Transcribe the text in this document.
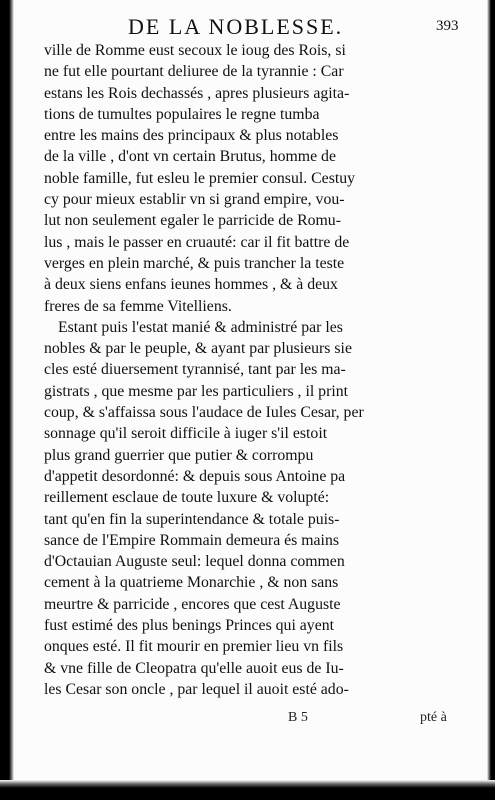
DE LA NOBLESSE.	393
ville de Romme eust secoux le ioug des Rois, si
ne fut elle pourtant deliuree de la tyrannie : Car
estans les Rois dechassés , apres plusieurs agita-
tions de tumultes populaires le regne tumba
entre les mains des principaux & plus notables
de la ville , d'ont vn certain Brutus, homme de
noble famille, fut esleu le premier consul. Cestuy
cy pour mieux establir vn si grand empire, vou-
lut non seulement egaler le parricide de Romu-
lus , mais le passer en cruauté: car il fit battre de
verges en plein marché, & puis trancher la teste
à deux siens enfans ieunes hommes , & à deux
freres de sa femme Vitelliens.
Estant puis l'estat manié & administré par les
nobles & par le peuple, & ayant par plusieurs sie
cles esté diuersement tyrannisé, tant par les ma-
gistrats , que mesme par les particuliers , il print
coup, & s'affaissa sous l'audace de Iules Cesar, per
sonnage qu'il seroit difficile à iuger s'il estoit
plus grand guerrier que putier & corrompu
d'appetit desordonné: & depuis sous Antoine pa
reillement esclaue de toute luxure & volupté:
tant qu'en fin la superintendance & totale puis-
sance de l'Empire Rommain demeura és mains
d'Octauian Auguste seul: lequel donna commen
cement à la quatrieme Monarchie , & non sans
meurtre & parricide , encores que cest Auguste
fust estimé des plus benings Princes qui ayent
onques esté. Il fit mourir en premier lieu vn fils
& vne fille de Cleopatra qu'elle auoit eus de Iu-
les Cesar son oncle , par lequel il auoit esté ado-
B 5	pté à
